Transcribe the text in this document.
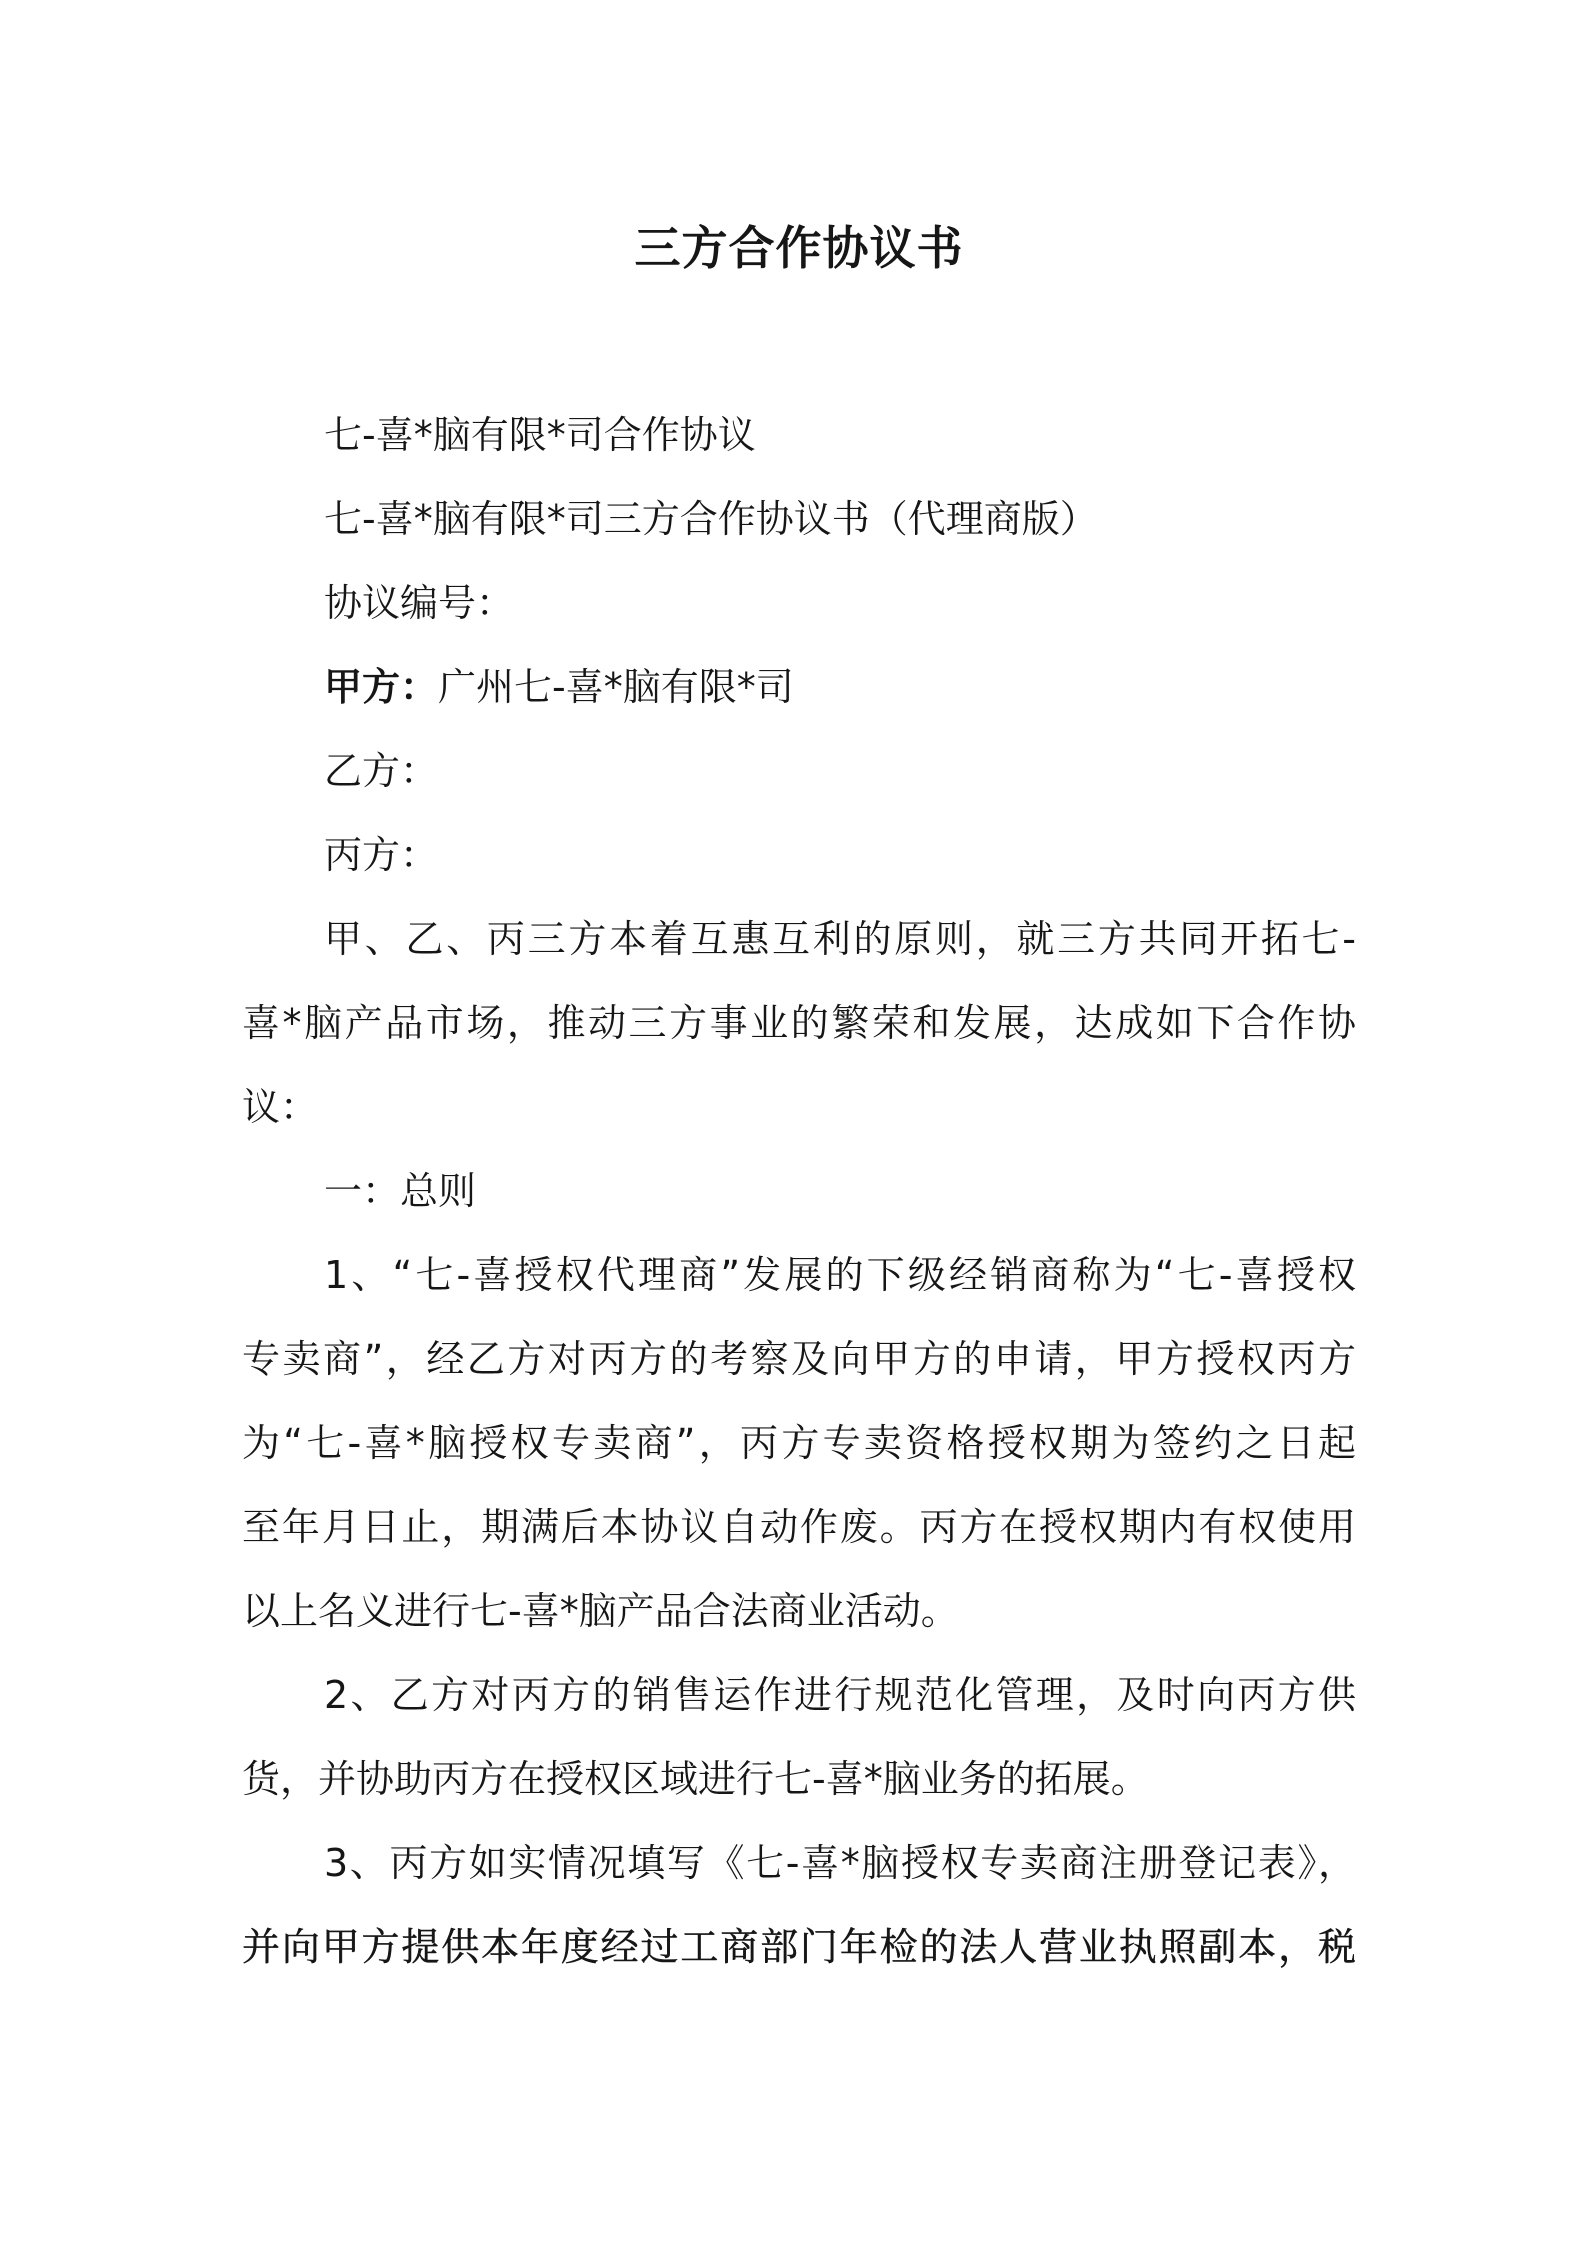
三方合作协议书
七-喜*脑有限*司合作协议
七-喜*脑有限*司三方合作协议书（代理商版）
协议编号：
甲方：广州七-喜*脑有限*司
乙方：
丙方：
甲、乙、丙三方本着互惠互利的原则，就三方共同开拓七-
喜*脑产品市场，推动三方事业的繁荣和发展，达成如下合作协
议：
一：总则
1、“七-喜授权代理商”发展的下级经销商称为“七-喜授权
专卖商”，经乙方对丙方的考察及向甲方的申请，甲方授权丙方
为“七-喜*脑授权专卖商”，丙方专卖资格授权期为签约之日起
至年月日止，期满后本协议自动作废。丙方在授权期内有权使用
以上名义进行七-喜*脑产品合法商业活动。
2、乙方对丙方的销售运作进行规范化管理，及时向丙方供
货，并协助丙方在授权区域进行七-喜*脑业务的拓展。
3、丙方如实情况填写《七-喜*脑授权专卖商注册登记表》，
并向甲方提供本年度经过工商部门年检的法人营业执照副本，税
